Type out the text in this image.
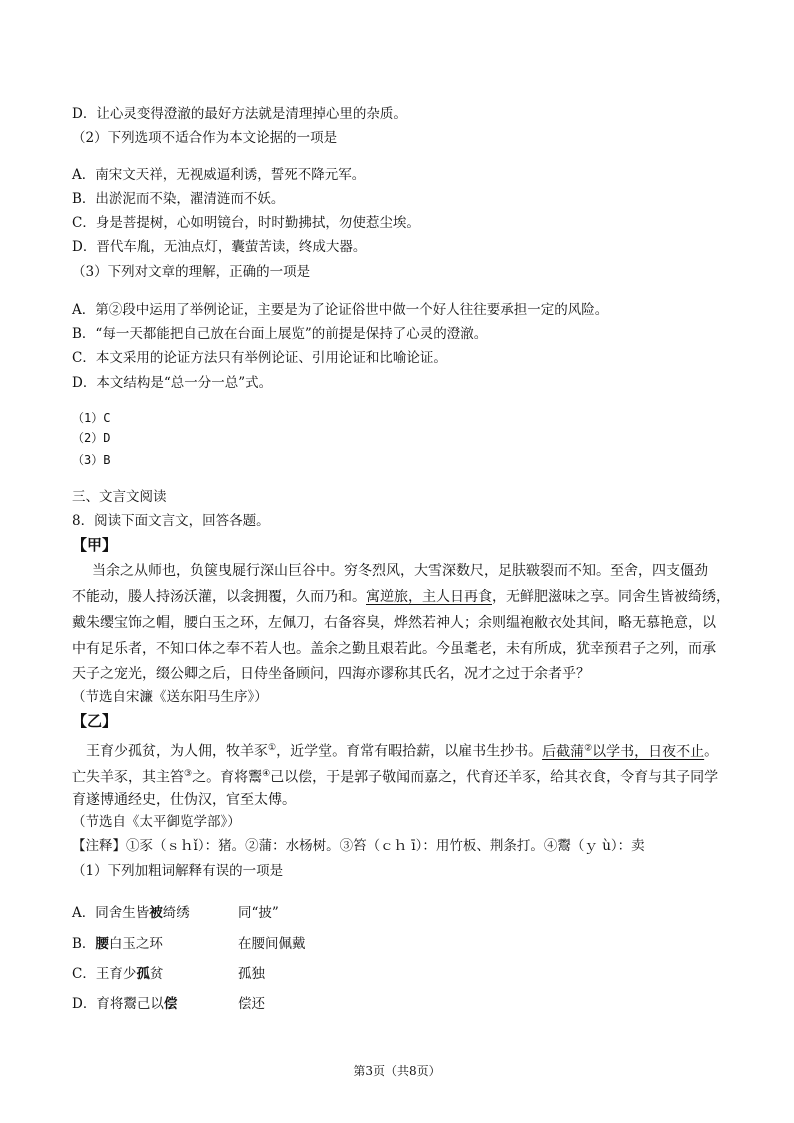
D．让心灵变得澄澈的最好方法就是清理掉心里的杂质。
（2）下列选项不适合作为本文论据的一项是
A．南宋文天祥，无视威逼利诱，誓死不降元军。
B．出淤泥而不染，濯清涟而不妖。
C．身是菩提树，心如明镜台，时时勤拂拭，勿使惹尘埃。
D．晋代车胤，无油点灯，囊萤苦读，终成大器。
（3）下列对文章的理解，正确的一项是
A．第②段中运用了举例论证，主要是为了论证俗世中做一个好人往往要承担一定的风险。
B．“每一天都能把自己放在台面上展览”的前提是保持了心灵的澄澈。
C．本文采用的论证方法只有举例论证、引用论证和比喻论证。
D．本文结构是“总一分一总”式。
（1）C
（2）D
（3）B
三、文言文阅读
8．阅读下面文言文，回答各题。
【甲】
当余之从师也，负箧曳屣行深山巨谷中。穷冬烈风，大雪深数尺，足肤皲裂而不知。至舍，四支僵劲
不能动，媵人持汤沃灌，以衾拥覆，久而乃和。寓逆旅，主人日再食，无鲜肥滋味之享。同舍生皆被绮绣，
戴朱缨宝饰之帽，腰白玉之环，左佩刀，右备容臭，烨然若神人；余则缊袍敝衣处其间，略无慕艳意，以
中有足乐者，不知口体之奉不若人也。盖余之勤且艰若此。今虽耄老，未有所成，犹幸预君子之列，而承
天子之宠光，缀公卿之后，日侍坐备顾问，四海亦谬称其氏名，况才之过于余者乎？
（节选自宋濂《送东阳马生序》）
【乙】
王育少孤贫，为人佣，牧羊豕①，近学堂。育常有暇拾薪，以雇书生抄书。后截蒲②以学书，日夜不止。
亡失羊豕，其主笞③之。育将鬻④己以偿，于是郭子敬闻而嘉之，代育还羊豕，给其衣食，令育与其子同学
育遂博通经史，仕伪汉，官至太傅。
（节选自《太平御览学部》）
【注释】①豕（ｓｈǐ）：猪。②蒲：水杨树。③笞（ｃｈ ī）：用竹板、荆条打。④鬻（ｙ ù）：卖
（1）下列加粗词解释有误的一项是
A．同舍生皆被绮绣	同“披”
B．腰白玉之环	在腰间佩戴
C．王育少孤贫	孤独
D．育将鬻己以偿	偿还
第3页（共8页）
